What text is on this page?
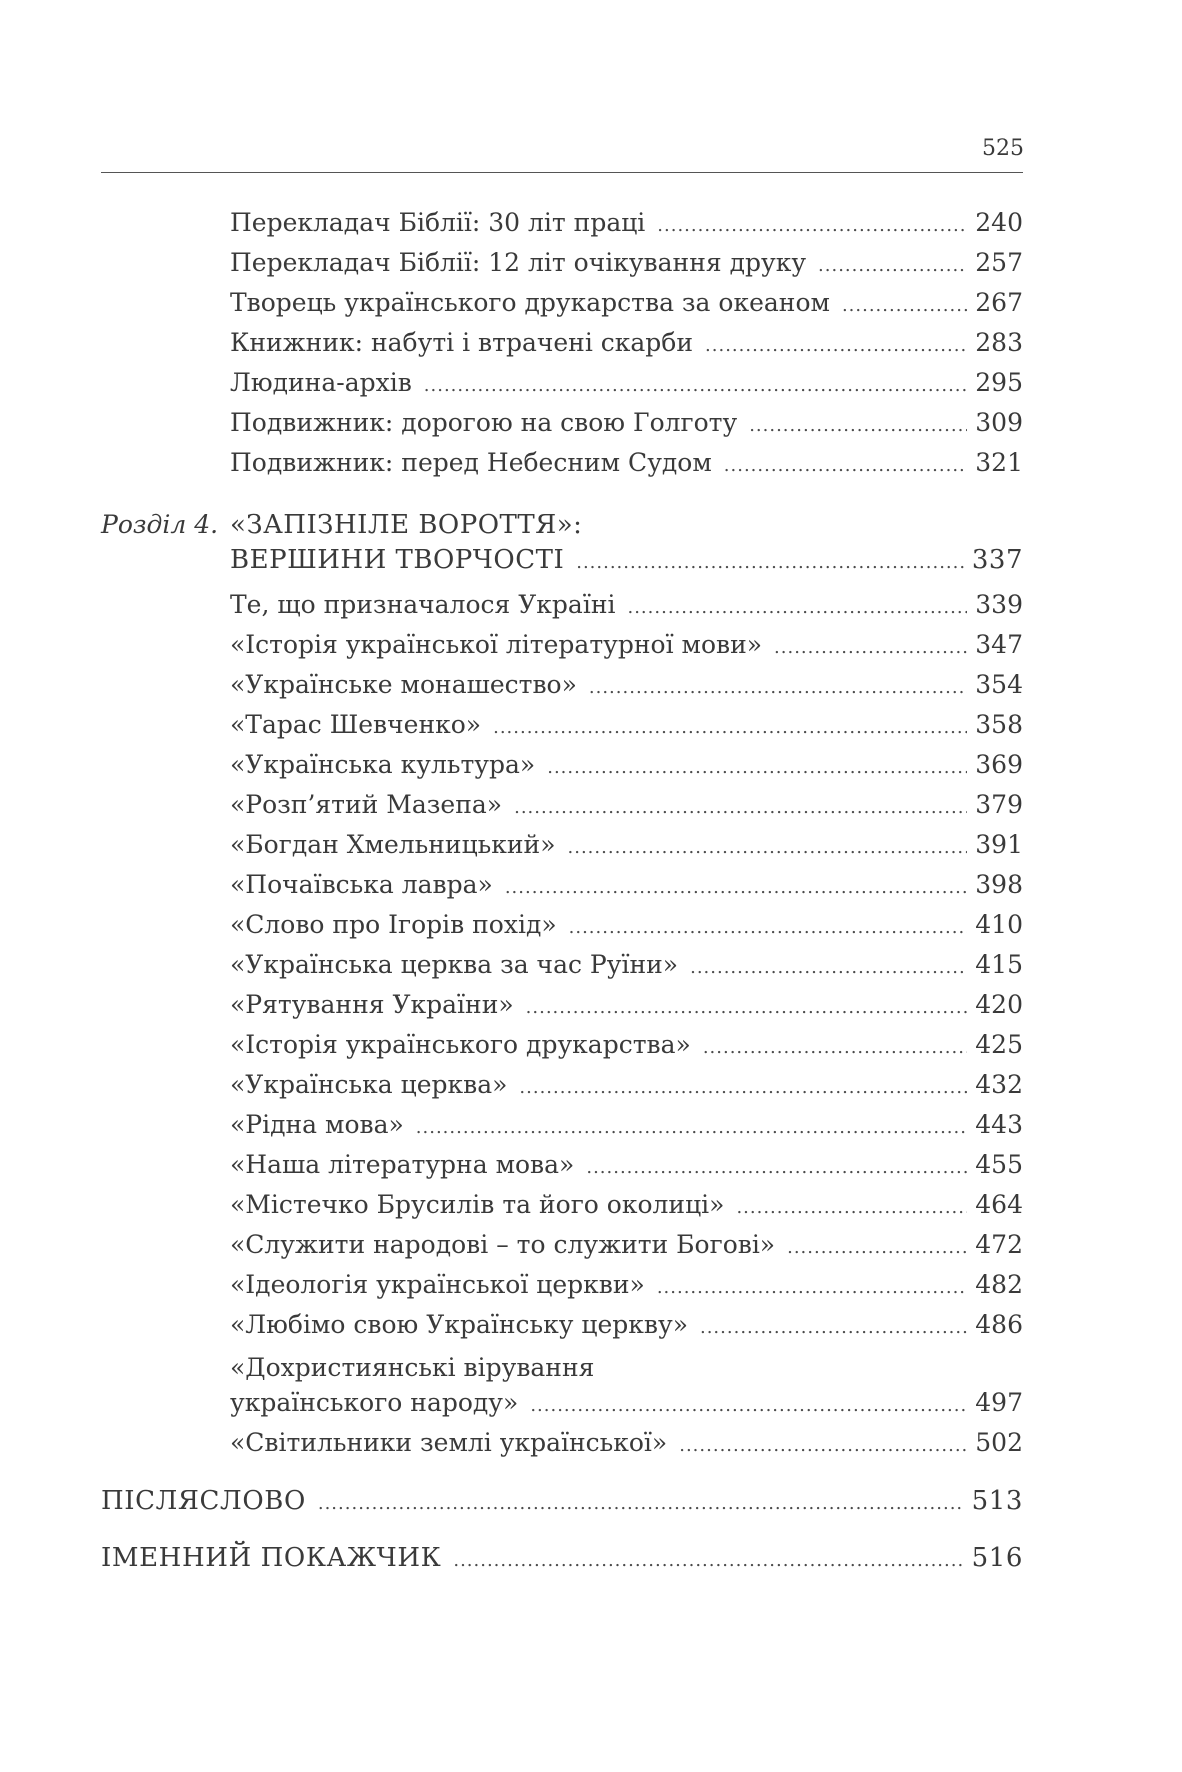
525
Перекладач Біблії: 30 літ праці .....	240
Перекладач Біблії: 12 літ очікування друку .....	257
Творець українського друкарства за океаном .....	267
Книжник: набуті і втрачені скарби .....	283
Людина-архів .....	295
Подвижник: дорогою на свою Голготу .....	309
Подвижник: перед Небесним Судом .....	321
Розділ 4. «ЗАПІЗНІЛЕ ВОРОТТЯ»:
ВЕРШИНИ ТВОРЧОСТІ .....	337
Те, що призначалося Україні .....	339
«Історія української літературної мови» .....	347
«Українське монашество» .....	354
«Тарас Шевченко» .....	358
«Українська культура» .....	369
«Розп’ятий Мазепа» .....	379
«Богдан Хмельницький» .....	391
«Почаївська лавра» .....	398
«Слово про Ігорів похід» .....	410
«Українська церква за час Руїни» .....	415
«Рятування України» .....	420
«Історія українського друкарства» .....	425
«Українська церква» .....	432
«Рідна мова» .....	443
«Наша літературна мова» .....	455
«Містечко Брусилів та його околиці» .....	464
«Служити народові – то служити Богові» .....	472
«Ідеологія української церкви» .....	482
«Любімо свою Українську церкву» .....	486
«Дохристиянські вірування
українського народу» .....	497
«Світильники землі української» .....	502
ПІСЛЯСЛОВО .....	513
ІМЕННИЙ ПОКАЖЧИК .....	516
